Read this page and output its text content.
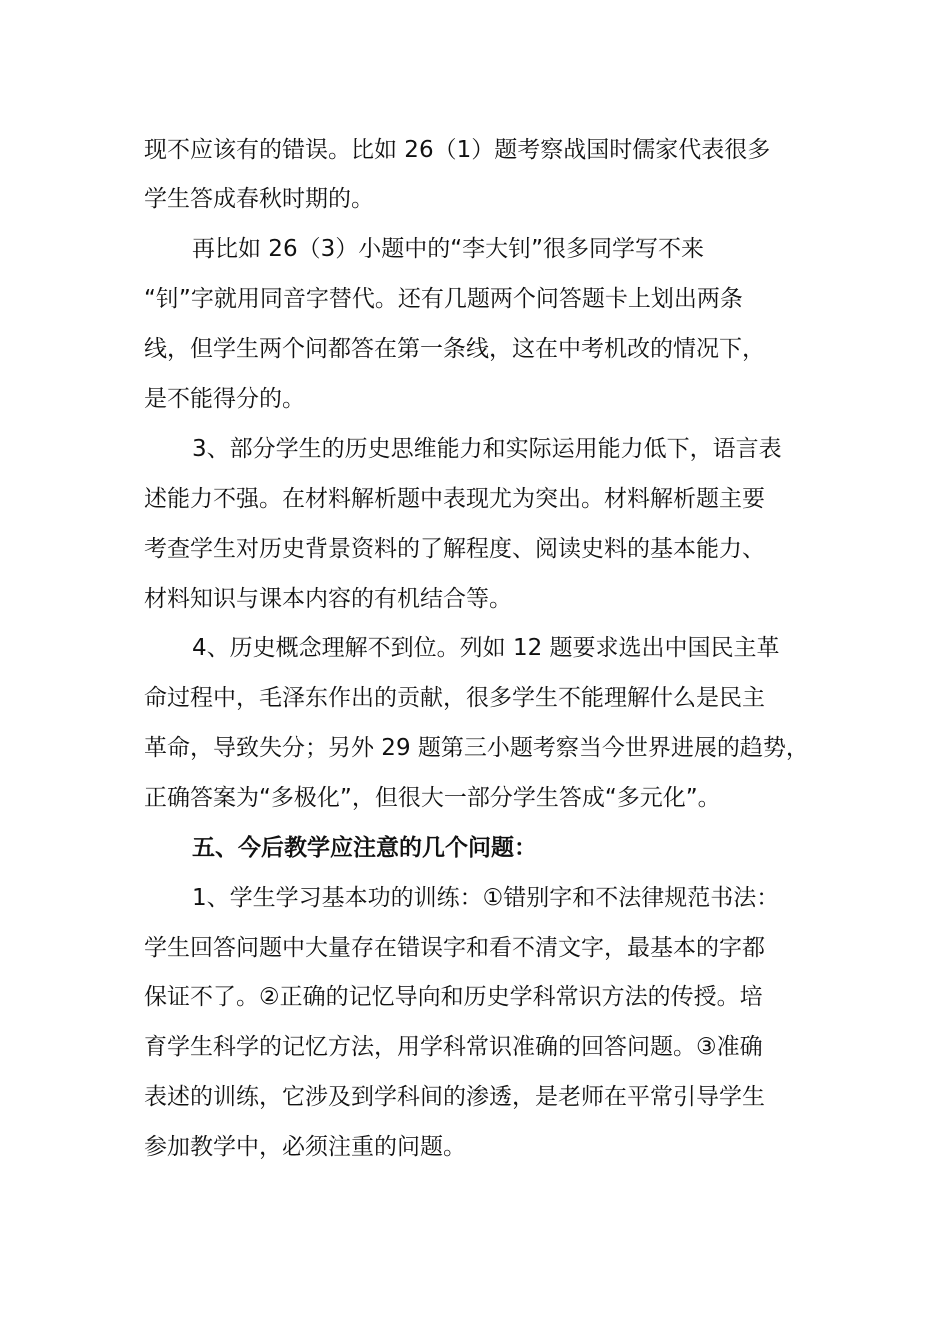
现不应该有的错误。比如 26（1）题考察战国时儒家代表很多
学生答成春秋时期的。
再比如 26（3）小题中的“李大钊”很多同学写不来
“钊”字就用同音字替代。还有几题两个问答题卡上划出两条
线，但学生两个问都答在第一条线，这在中考机改的情况下，
是不能得分的。
3、部分学生的历史思维能力和实际运用能力低下，语言表
述能力不强。在材料解析题中表现尤为突出。材料解析题主要
考查学生对历史背景资料的了解程度、阅读史料的基本能力、
材料知识与课本内容的有机结合等。
4、历史概念理解不到位。列如 12 题要求选出中国民主革
命过程中，毛泽东作出的贡献，很多学生不能理解什么是民主
革命，导致失分；另外 29 题第三小题考察当今世界进展的趋势，
正确答案为“多极化”，但很大一部分学生答成“多元化”。
五、今后教学应注意的几个问题：
1、学生学习基本功的训练：①错别字和不法律规范书法：
学生回答问题中大量存在错误字和看不清文字，最基本的字都
保证不了。②正确的记忆导向和历史学科常识方法的传授。培
育学生科学的记忆方法，用学科常识准确的回答问题。③准确
表述的训练，它涉及到学科间的渗透，是老师在平常引导学生
参加教学中，必须注重的问题。
